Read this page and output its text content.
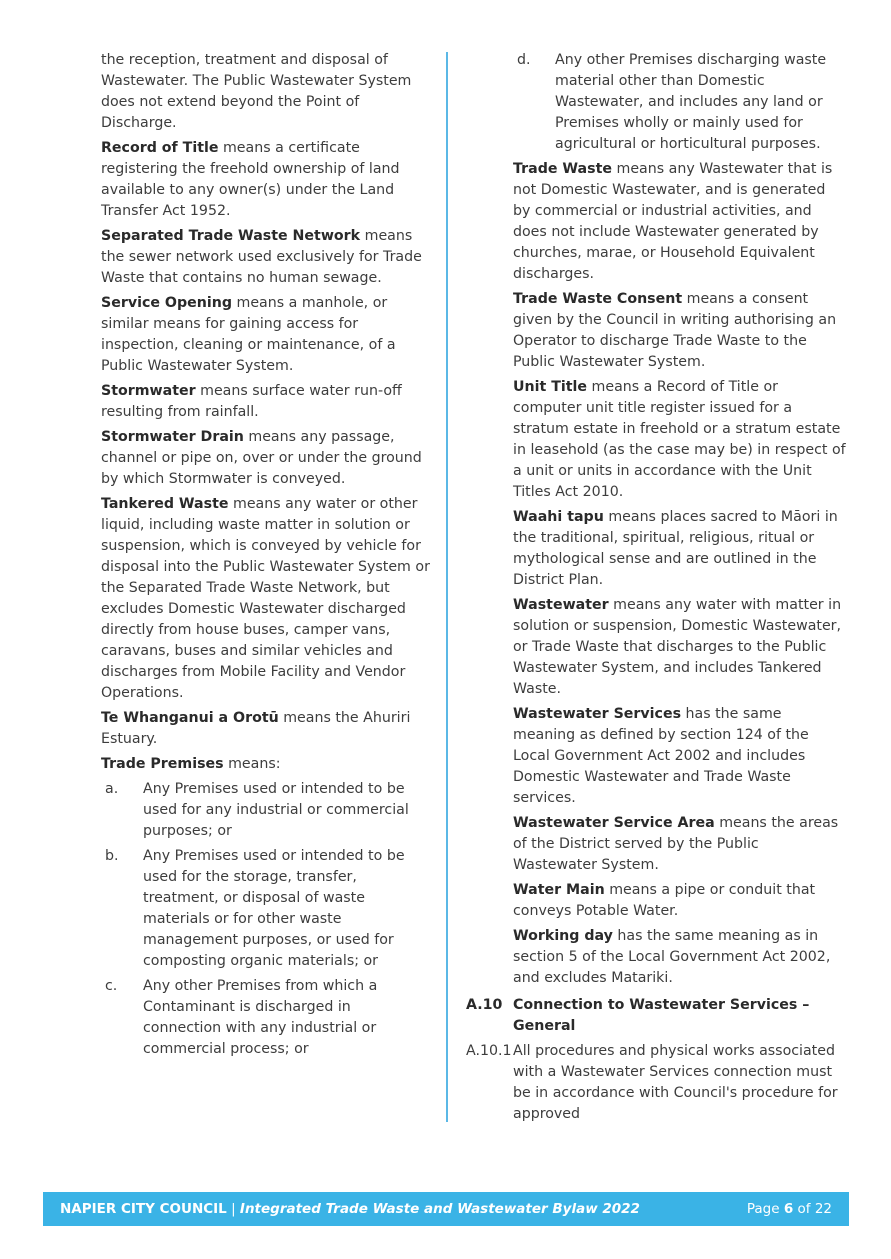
the reception, treatment and disposal of Wastewater. The Public Wastewater System does not extend beyond the Point of Discharge.

Record of Title means a certificate registering the freehold ownership of land available to any owner(s) under the Land Transfer Act 1952.

Separated Trade Waste Network means the sewer network used exclusively for Trade Waste that contains no human sewage.

Service Opening means a manhole, or similar means for gaining access for inspection, cleaning or maintenance, of a Public Wastewater System.

Stormwater means surface water run-off resulting from rainfall.

Stormwater Drain means any passage, channel or pipe on, over or under the ground by which Stormwater is conveyed.

Tankered Waste means any water or other liquid, including waste matter in solution or suspension, which is conveyed by vehicle for disposal into the Public Wastewater System or the Separated Trade Waste Network, but excludes Domestic Wastewater discharged directly from house buses, camper vans, caravans, buses and similar vehicles and discharges from Mobile Facility and Vendor Operations.

Te Whanganui a Orotū means the Ahuriri Estuary.

Trade Premises means:

a. Any Premises used or intended to be used for any industrial or commercial purposes; or
b. Any Premises used or intended to be used for the storage, transfer, treatment, or disposal of waste materials or for other waste management purposes, or used for composting organic materials; or
c. Any other Premises from which a Contaminant is discharged in connection with any industrial or commercial process; or
d. Any other Premises discharging waste material other than Domestic Wastewater, and includes any land or Premises wholly or mainly used for agricultural or horticultural purposes.

Trade Waste means any Wastewater that is not Domestic Wastewater, and is generated by commercial or industrial activities, and does not include Wastewater generated by churches, marae, or Household Equivalent discharges.

Trade Waste Consent means a consent given by the Council in writing authorising an Operator to discharge Trade Waste to the Public Wastewater System.

Unit Title means a Record of Title or computer unit title register issued for a stratum estate in freehold or a stratum estate in leasehold (as the case may be) in respect of a unit or units in accordance with the Unit Titles Act 2010.

Waahi tapu means places sacred to Māori in the traditional, spiritual, religious, ritual or mythological sense and are outlined in the District Plan.

Wastewater means any water with matter in solution or suspension, Domestic Wastewater, or Trade Waste that discharges to the Public Wastewater System, and includes Tankered Waste.

Wastewater Services has the same meaning as defined by section 124 of the Local Government Act 2002 and includes Domestic Wastewater and Trade Waste services.

Wastewater Service Area means the areas of the District served by the Public Wastewater System.

Water Main means a pipe or conduit that conveys Potable Water.

Working day has the same meaning as in section 5 of the Local Government Act 2002, and excludes Matariki.

A.10 Connection to Wastewater Services – General
A.10.1 All procedures and physical works associated with a Wastewater Services connection must be in accordance with Council's procedure for approved
NAPIER CITY COUNCIL | Integrated Trade Waste and Wastewater Bylaw 2022	Page 6 of 22
